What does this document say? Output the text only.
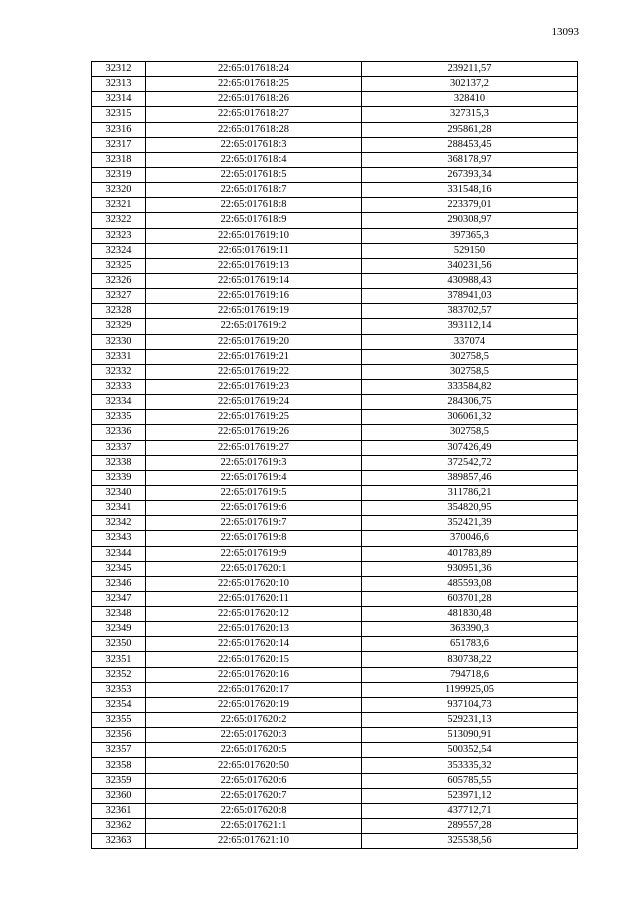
13093
32312	22:65:017618:24	239211,57
32313	22:65:017618:25	302137,2
32314	22:65:017618:26	328410
32315	22:65:017618:27	327315,3
32316	22:65:017618:28	295861,28
32317	22:65:017618:3	288453,45
32318	22:65:017618:4	368178,97
32319	22:65:017618:5	267393,34
32320	22:65:017618:7	331548,16
32321	22:65:017618:8	223379,01
32322	22:65:017618:9	290308,97
32323	22:65:017619:10	397365,3
32324	22:65:017619:11	529150
32325	22:65:017619:13	340231,56
32326	22:65:017619:14	430988,43
32327	22:65:017619:16	378941,03
32328	22:65:017619:19	383702,57
32329	22:65:017619:2	393112,14
32330	22:65:017619:20	337074
32331	22:65:017619:21	302758,5
32332	22:65:017619:22	302758,5
32333	22:65:017619:23	333584,82
32334	22:65:017619:24	284306,75
32335	22:65:017619:25	306061,32
32336	22:65:017619:26	302758,5
32337	22:65:017619:27	307426,49
32338	22:65:017619:3	372542,72
32339	22:65:017619:4	389857,46
32340	22:65:017619:5	311786,21
32341	22:65:017619:6	354820,95
32342	22:65:017619:7	352421,39
32343	22:65:017619:8	370046,6
32344	22:65:017619:9	401783,89
32345	22:65:017620:1	930951,36
32346	22:65:017620:10	485593,08
32347	22:65:017620:11	603701,28
32348	22:65:017620:12	481830,48
32349	22:65:017620:13	363390,3
32350	22:65:017620:14	651783,6
32351	22:65:017620:15	830738,22
32352	22:65:017620:16	794718,6
32353	22:65:017620:17	1199925,05
32354	22:65:017620:19	937104,73
32355	22:65:017620:2	529231,13
32356	22:65:017620:3	513090,91
32357	22:65:017620:5	500352,54
32358	22:65:017620:50	353335,32
32359	22:65:017620:6	605785,55
32360	22:65:017620:7	523971,12
32361	22:65:017620:8	437712,71
32362	22:65:017621:1	289557,28
32363	22:65:017621:10	325538,56
